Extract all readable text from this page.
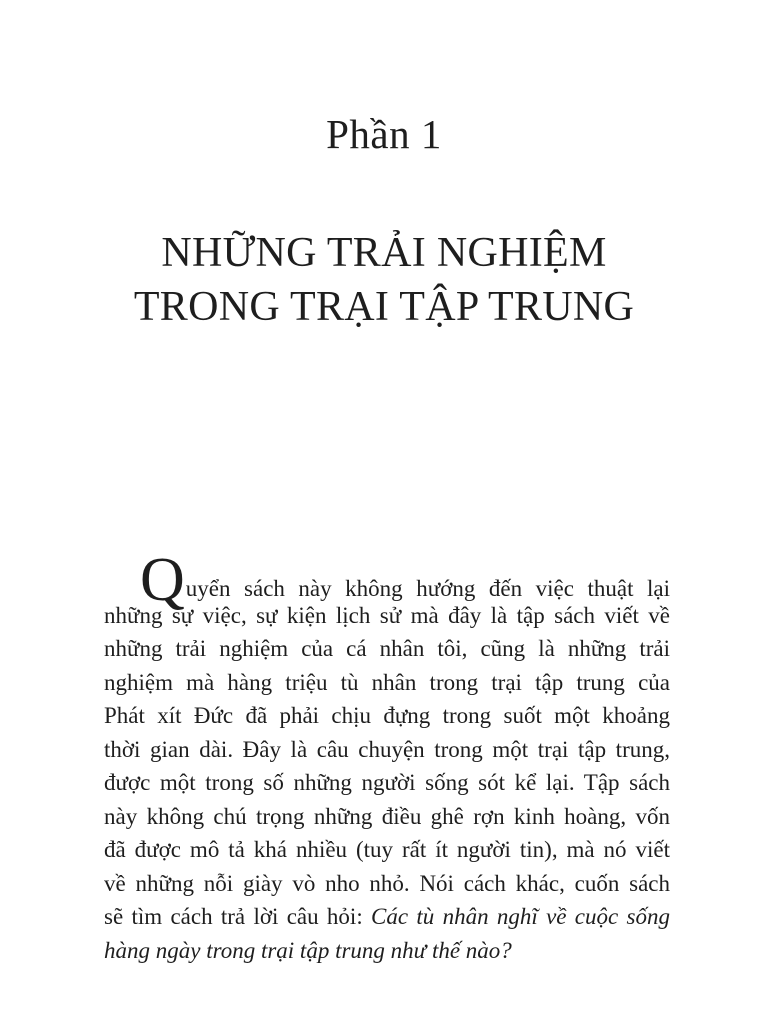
Phần 1
NHỮNG TRẢI NGHIỆM
TRONG TRẠI TẬP TRUNG
Quyển sách này không hướng đến việc thuật lại
những sự việc, sự kiện lịch sử mà đây là tập sách viết về
những trải nghiệm của cá nhân tôi, cũng là những trải
nghiệm mà hàng triệu tù nhân trong trại tập trung của
Phát xít Đức đã phải chịu đựng trong suốt một khoảng
thời gian dài. Đây là câu chuyện trong một trại tập trung,
được một trong số những người sống sót kể lại. Tập sách
này không chú trọng những điều ghê rợn kinh hoàng, vốn
đã được mô tả khá nhiều (tuy rất ít người tin), mà nó viết
về những nỗi giày vò nho nhỏ. Nói cách khác, cuốn sách
sẽ tìm cách trả lời câu hỏi: Các tù nhân nghĩ về cuộc sống
hàng ngày trong trại tập trung như thế nào?
